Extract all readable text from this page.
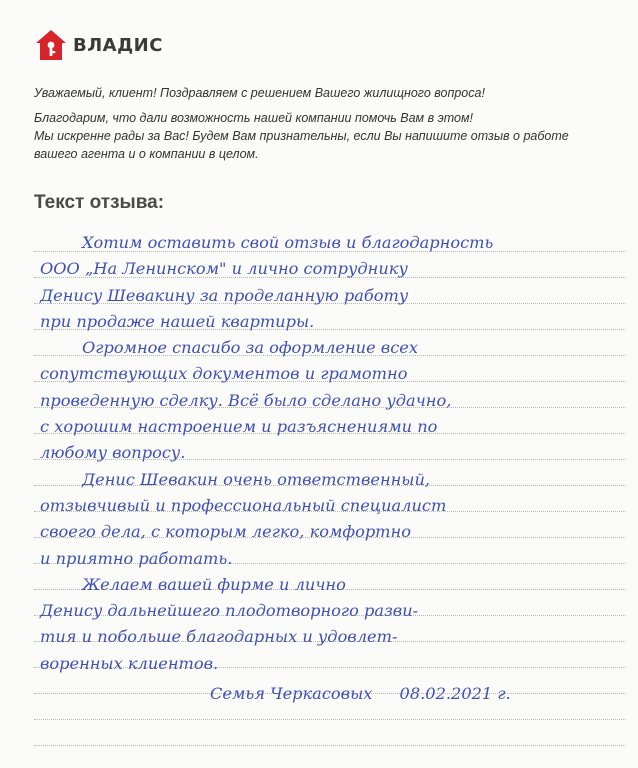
ВЛАДИС

Уважаемый, клиент! Поздравляем с решением Вашего жилищного вопроса!

Благодарим, что дали возможность нашей компании помочь Вам в этом!
Мы искренне рады за Вас! Будем Вам признательны, если Вы напишите отзыв о работе
вашего агента и о компании в целом.
Текст отзыва:
Хотим оставить свой отзыв и благодарность
ООО „На Ленинском" и лично сотруднику
Денису Шевакину за проделанную работу
при продаже нашей квартиры.
Огромное спасибо за оформление всех
сопутствующих документов и грамотно
проведенную сделку. Всё было сделано удачно,
с хорошим настроением и разъяснениями по
любому вопросу.
Денис Шевакин очень ответственный,
отзывчивый и профессиональный специалист
своего дела, с которым легко, комфортно
и приятно работать.
Желаем вашей фирме и лично
Денису дальнейшего плодотворного разви-
тия и побольше благодарных и удовлет-
воренных клиентов.
Семья Черкасовых 08.02.2021 г.
